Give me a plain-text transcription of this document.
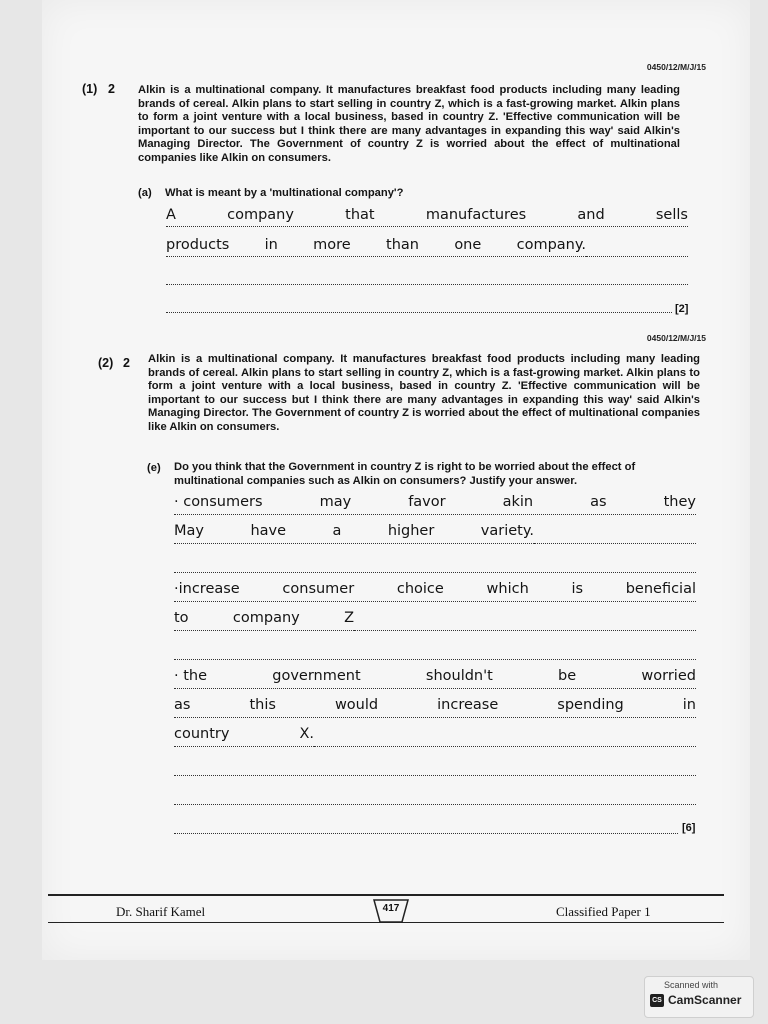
0450/12/M/J/15
(1) 2 Alkin is a multinational company. It manufactures breakfast food products including many leading brands of cereal. Alkin plans to start selling in country Z, which is a fast-growing market. Alkin plans to form a joint venture with a local business, based in country Z. 'Effective communication will be important to our success but I think there are many advantages in expanding this way' said Alkin's Managing Director. The Government of country Z is worried about the effect of multinational companies like Alkin on consumers.
(a) What is meant by a 'multinational company'?
A	company	that	manufactures	and	sells
products in more than one company.
[2]
0450/12/M/J/15
(2) 2 Alkin is a multinational company. It manufactures breakfast food products including many leading brands of cereal. Alkin plans to start selling in country Z, which is a fast-growing market. Alkin plans to form a joint venture with a local business, based in country Z. 'Effective communication will be important to our success but I think there are many advantages in expanding this way' said Alkin's Managing Director. The Government of country Z is worried about the effect of multinational companies like Alkin on consumers.
(e) Do you think that the Government in country Z is right to be worried about the effect of multinational companies such as Alkin on consumers? Justify your answer.
· consumers	may	favor	akin	as	they
May	have	a	higher	variety.
·increase	consumer	choice	which	is	beneficial
to	company	Z
· the	government	shouldn't	be	worried
as	this	would	increase	spending	in
country	X.
[6]
Dr. Sharif Kamel	417	Classified Paper 1
Scanned with
CS CamScanner
